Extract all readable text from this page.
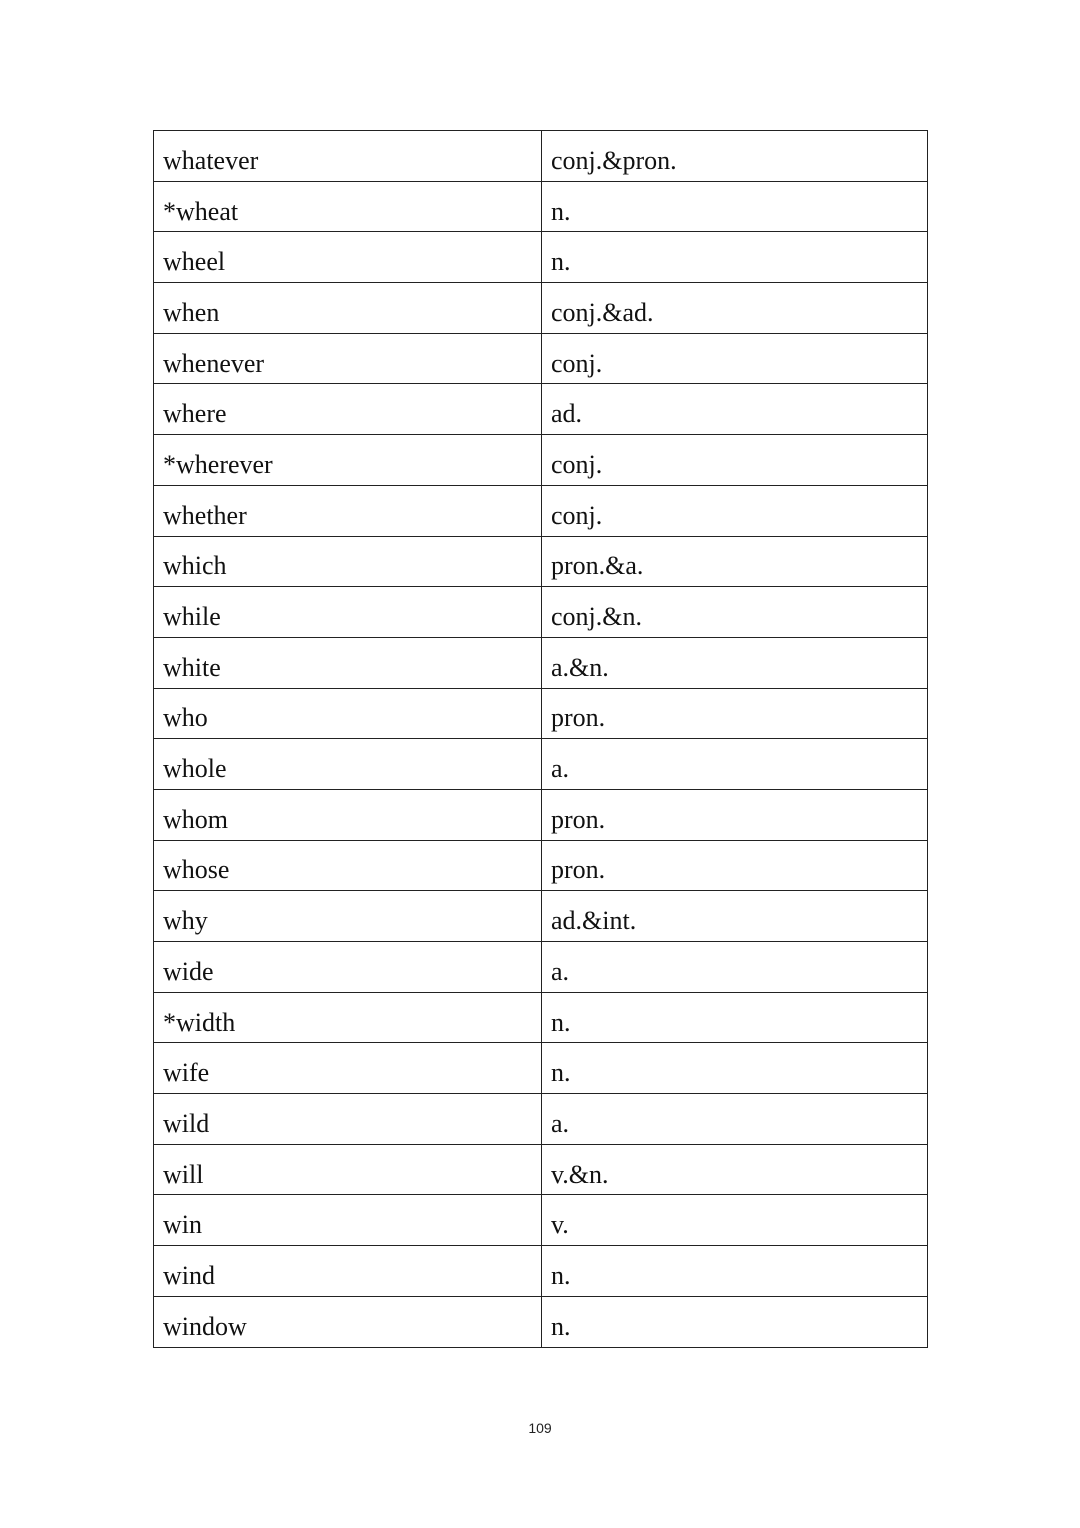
whatever	conj.&pron.
*wheat	n.
wheel	n.
when	conj.&ad.
whenever	conj.
where	ad.
*wherever	conj.
whether	conj.
which	pron.&a.
while	conj.&n.
white	a.&n.
who	pron.
whole	a.
whom	pron.
whose	pron.
why	ad.&int.
wide	a.
*width	n.
wife	n.
wild	a.
will	v.&n.
win	v.
wind	n.
window	n.
109
